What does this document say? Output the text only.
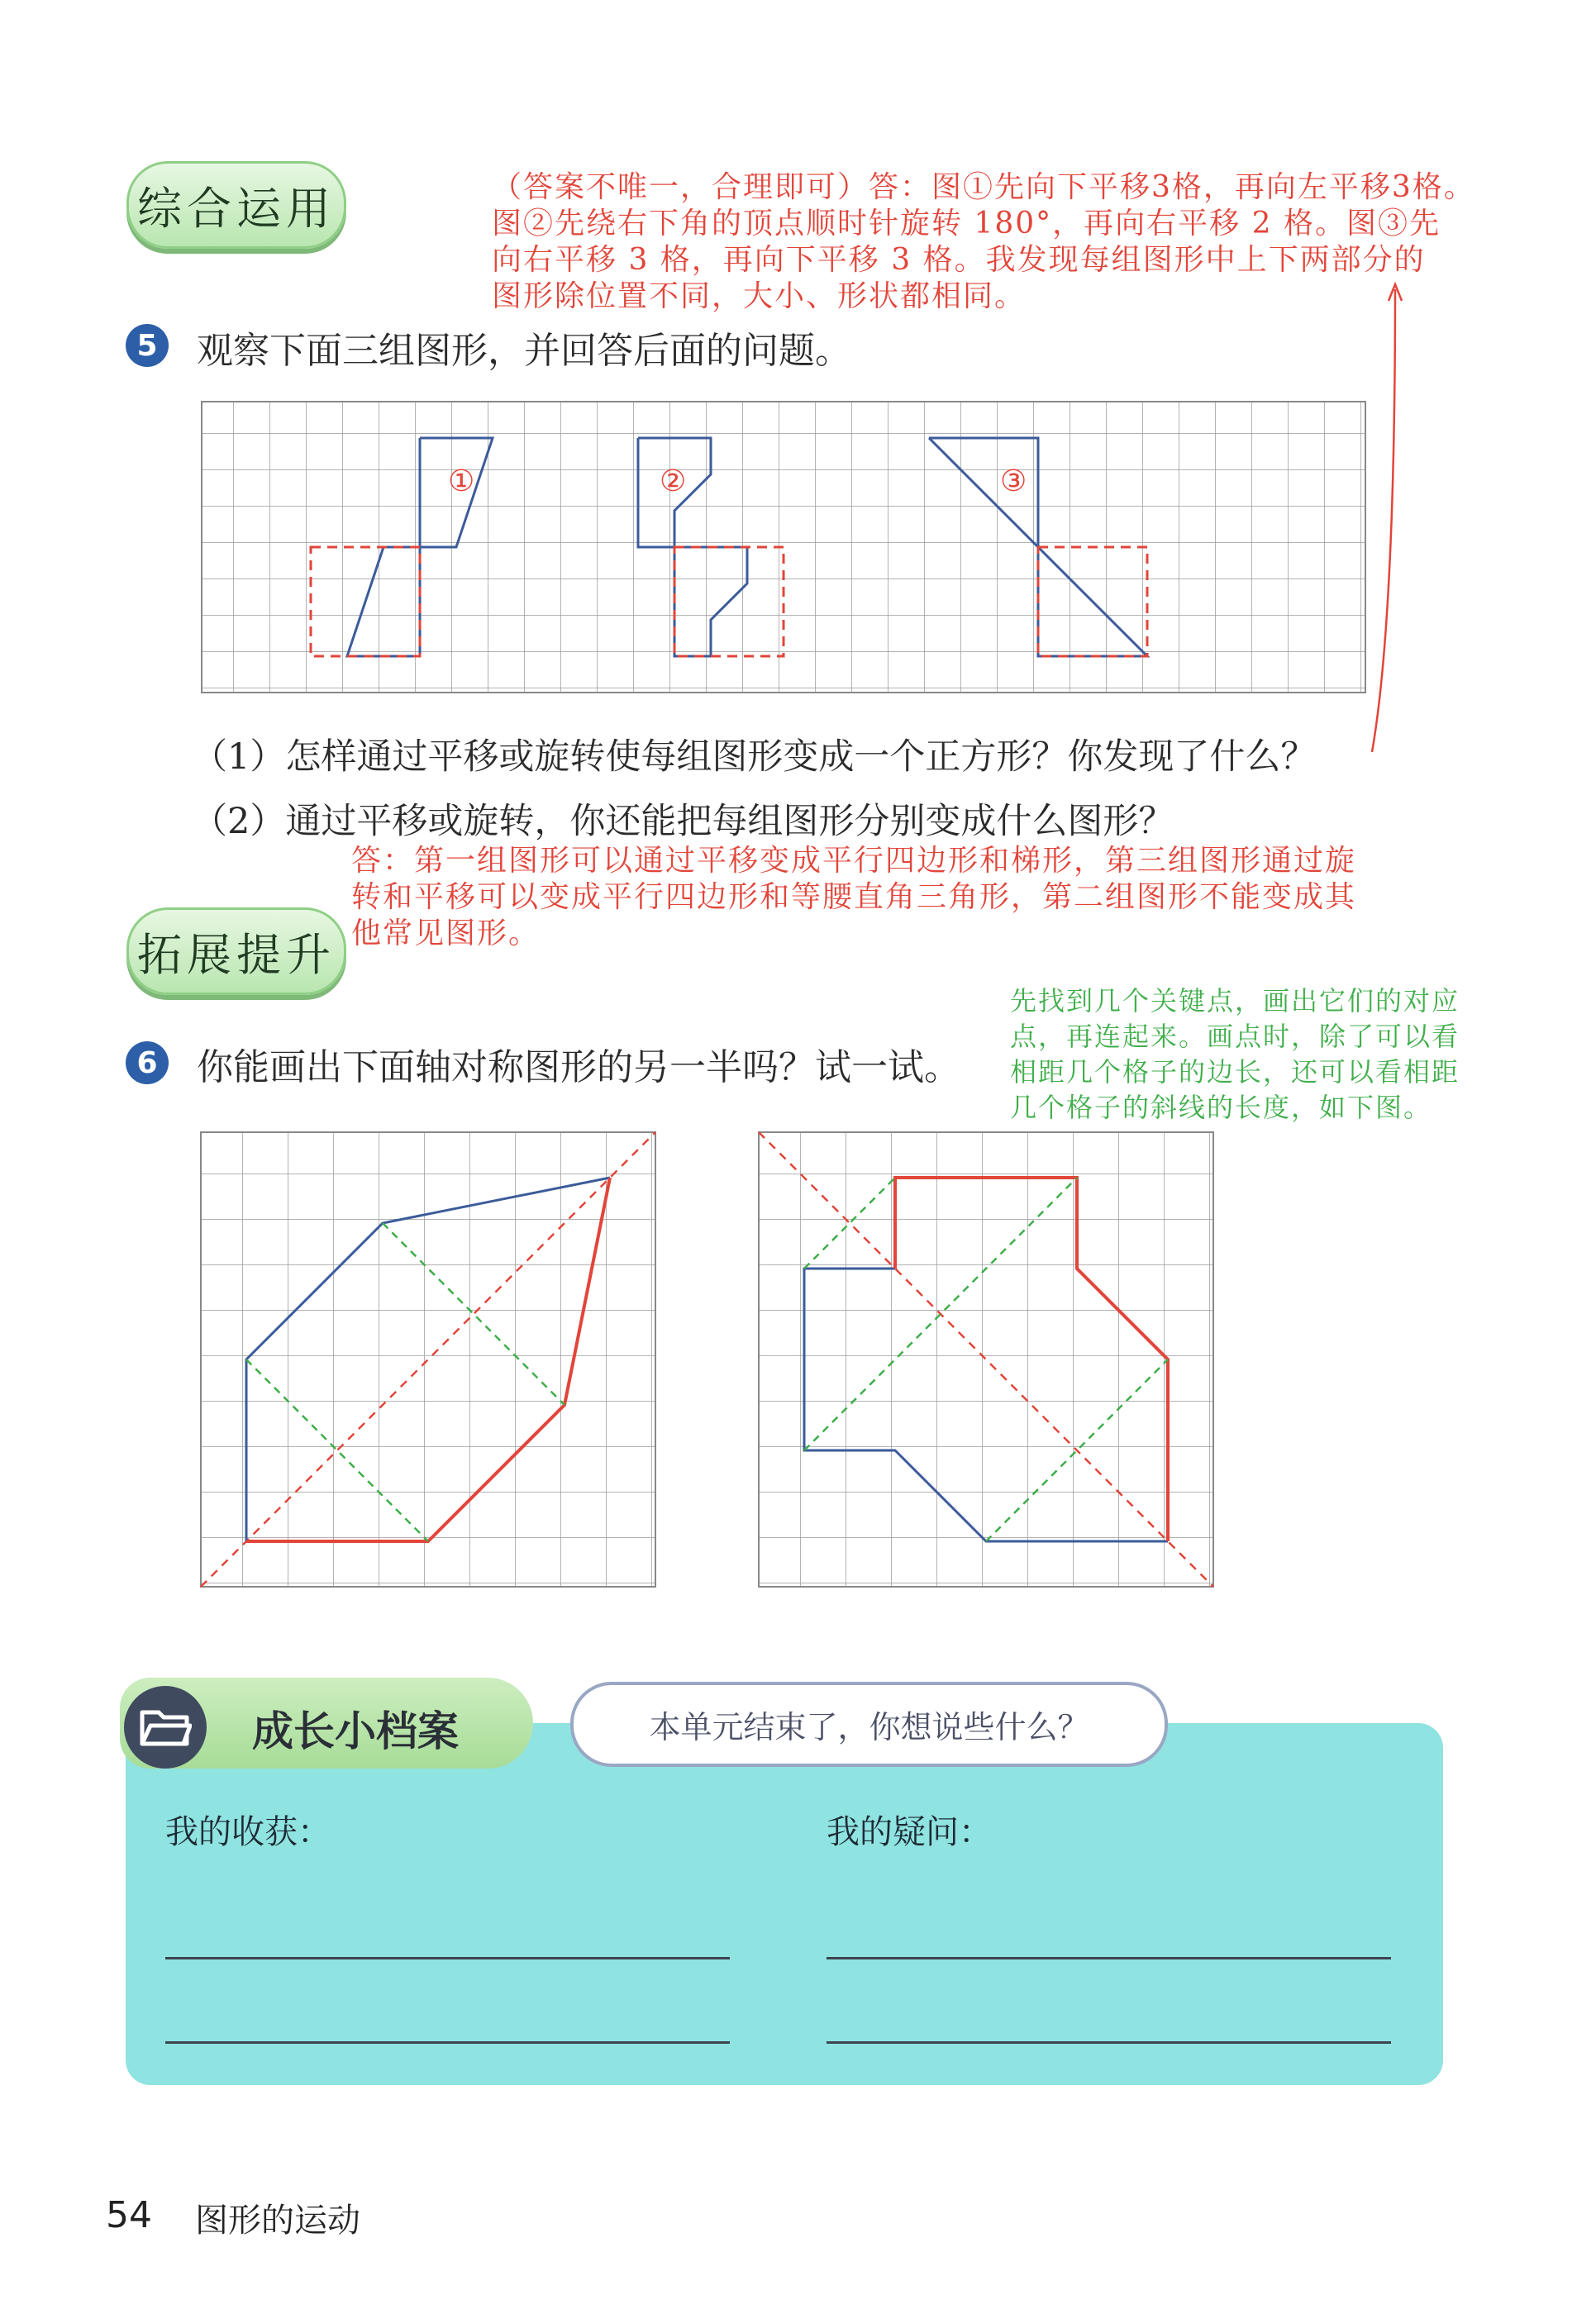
综合运用	（答案不唯一，合理即可）答：图①先向下平移3格，再向左平移3格。
图②先绕右下角的顶点顺时针旋转 180°，再向右平移 2 格。图③先
向右平移 3 格，再向下平移 3 格。我发现每组图形中上下两部分的
图形除位置不同，大小、形状都相同。
5 观察下面三组图形，并回答后面的问题。
①	②	③
（1）怎样通过平移或旋转使每组图形变成一个正方形？你发现了什么？
（2）通过平移或旋转，你还能把每组图形分别变成什么图形？
答：第一组图形可以通过平移变成平行四边形和梯形，第三组图形通过旋
转和平移可以变成平行四边形和等腰直角三角形，第二组图形不能变成其
他常见图形。
拓展提升
先找到几个关键点，画出它们的对应
点，再连起来。画点时，除了可以看
相距几个格子的边长，还可以看相距
几个格子的斜线的长度，如下图。
6 你能画出下面轴对称图形的另一半吗？试一试。
成长小档案	本单元结束了，你想说些什么？
我的收获：	我的疑问：
54 图形的运动
